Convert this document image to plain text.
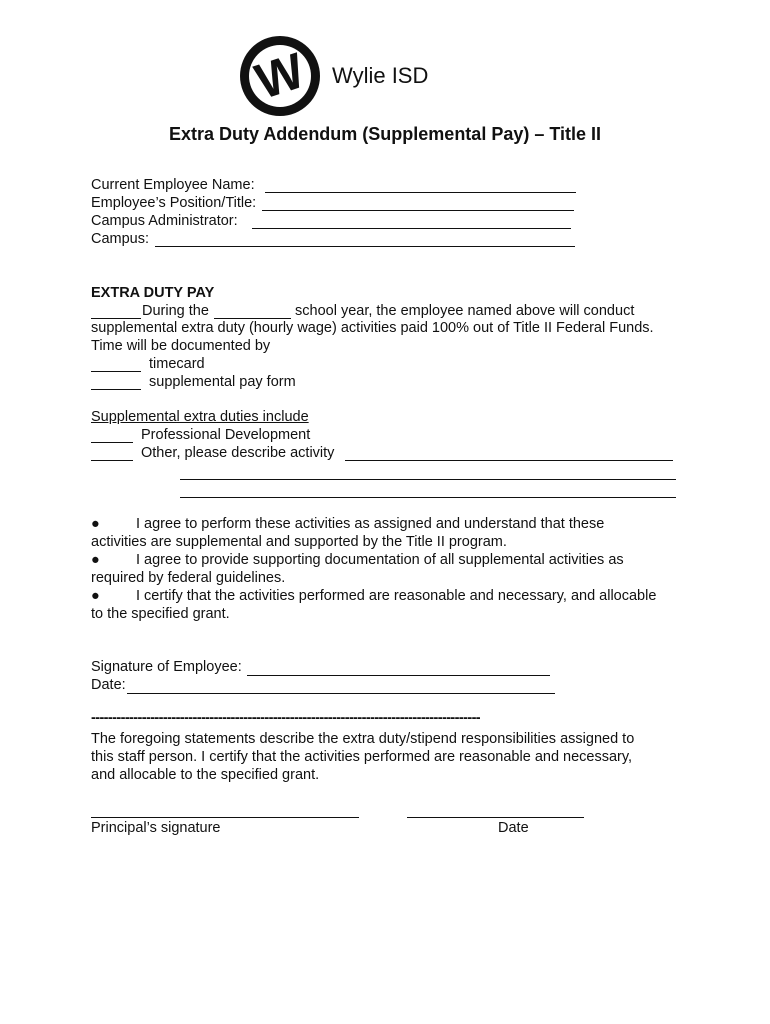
W Wylie ISD
Extra Duty Addendum (Supplemental Pay) – Title II
Current Employee Name:
Employee’s Position/Title:
Campus Administrator:
Campus:
EXTRA DUTY PAY
During the	school year, the employee named above will conduct
supplemental extra duty (hourly wage) activities paid 100% out of Title II Federal Funds.
Time will be documented by
timecard
supplemental pay form
Supplemental extra duties include
Professional Development
Other, please describe activity
● I agree to perform these activities as assigned and understand that these
activities are supplemental and supported by the Title II program.
● I agree to provide supporting documentation of all supplemental activities as
required by federal guidelines.
● I certify that the activities performed are reasonable and necessary, and allocable
to the specified grant.
Signature of Employee:
Date:
--------------------------------------------------------------------------------------------
The foregoing statements describe the extra duty/stipend responsibilities assigned to
this staff person. I certify that the activities performed are reasonable and necessary,
and allocable to the specified grant.
Principal’s signature	Date
